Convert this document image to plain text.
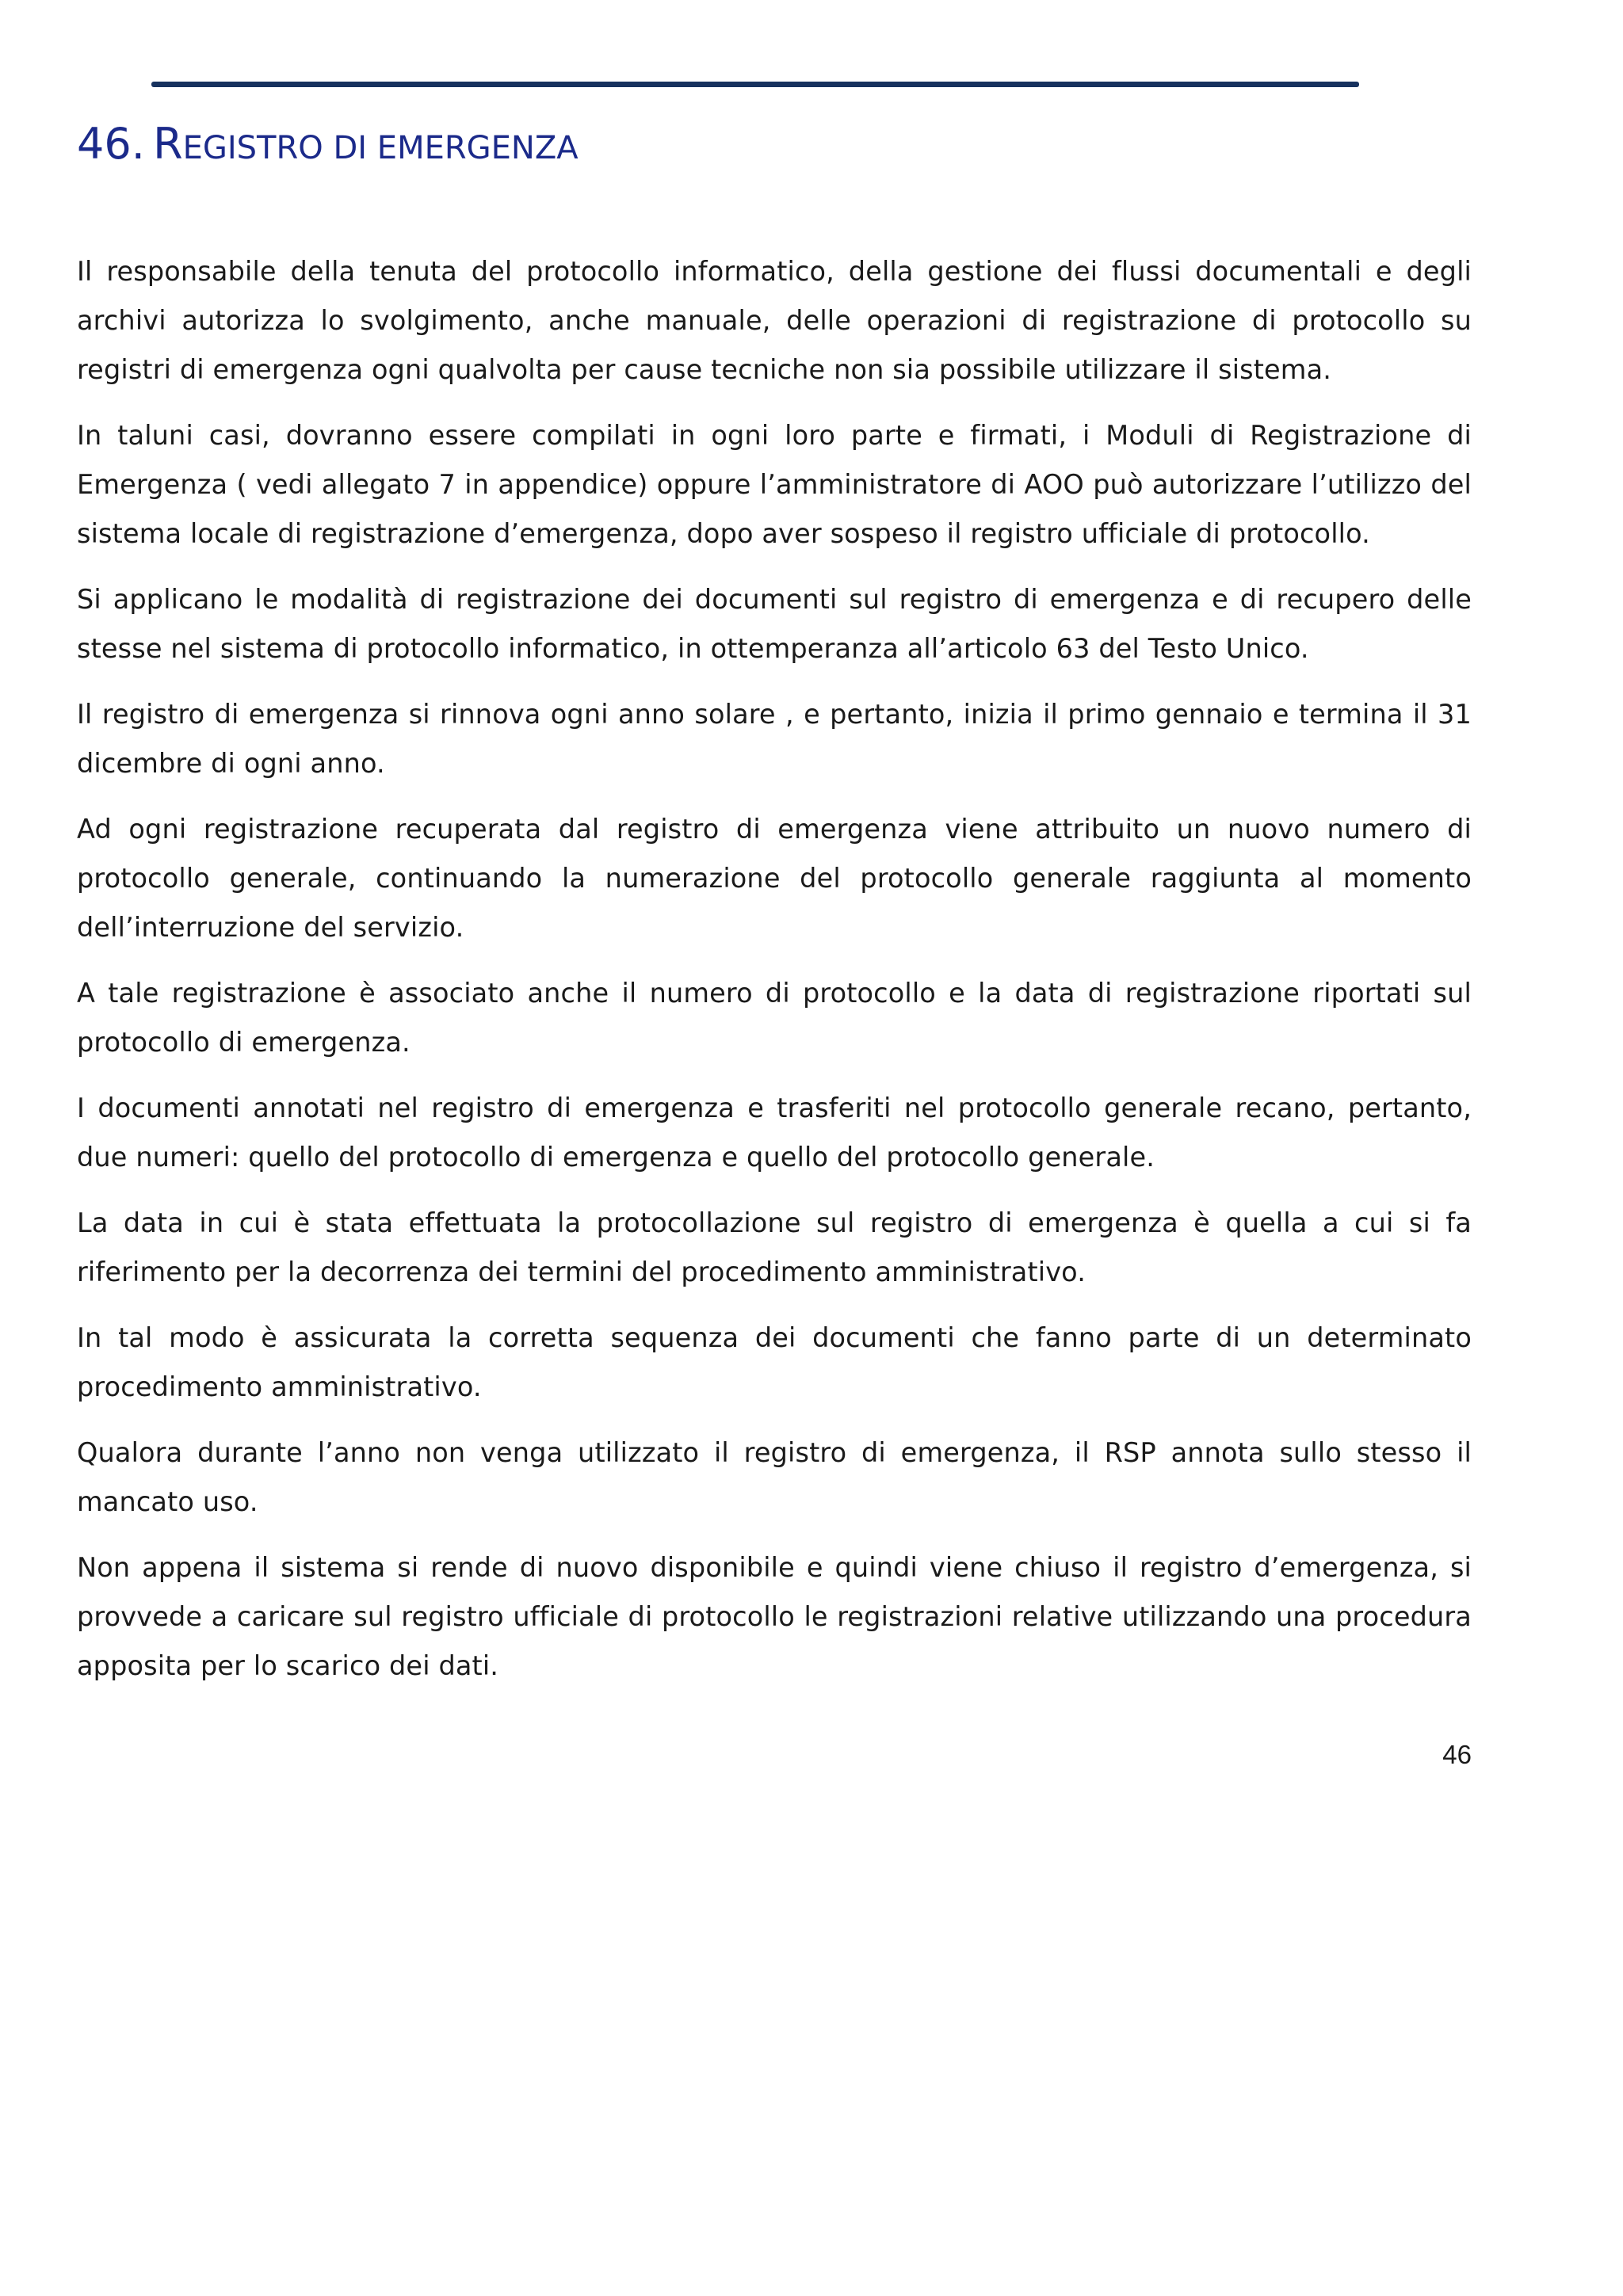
46. REGISTRO DI EMERGENZA

Il responsabile della tenuta del protocollo informatico, della gestione dei flussi documentali e degli archivi autorizza lo svolgimento, anche manuale, delle operazioni di registrazione di protocollo su registri di emergenza ogni qualvolta per cause tecniche non sia possibile utilizzare il sistema.

In taluni casi, dovranno essere compilati in ogni loro parte e firmati, i Moduli di Registrazione di Emergenza ( vedi allegato 7 in appendice) oppure l’amministratore di AOO può autorizzare l’utilizzo del sistema locale di registrazione d’emergenza, dopo aver sospeso il registro ufficiale di protocollo.

Si applicano le modalità di registrazione dei documenti sul registro di emergenza e di recupero delle stesse nel sistema di protocollo informatico, in ottemperanza all’articolo 63 del Testo Unico.

Il registro di emergenza si rinnova ogni anno solare , e pertanto, inizia il primo gennaio e termina il 31 dicembre di ogni anno.

Ad ogni registrazione recuperata dal registro di emergenza viene attribuito un nuovo numero di protocollo generale, continuando la numerazione del protocollo generale raggiunta al momento dell’interruzione del servizio.

A tale registrazione è associato anche il numero di protocollo e la data di registrazione riportati sul protocollo di emergenza.

I documenti annotati nel registro di emergenza e trasferiti nel protocollo generale recano, pertanto, due numeri: quello del protocollo di emergenza e quello del protocollo generale.

La data in cui è stata effettuata la protocollazione sul registro di emergenza è quella a cui si fa riferimento per la decorrenza dei termini del procedimento amministrativo.

In tal modo è assicurata la corretta sequenza dei documenti che fanno parte di un determinato procedimento amministrativo.

Qualora durante l’anno non venga utilizzato il registro di emergenza, il RSP annota sullo stesso il mancato uso.

Non appena il sistema si rende di nuovo disponibile e quindi viene chiuso il registro d’emergenza, si provvede a caricare sul registro ufficiale di protocollo le registrazioni relative utilizzando una procedura apposita per lo scarico dei dati.

46
